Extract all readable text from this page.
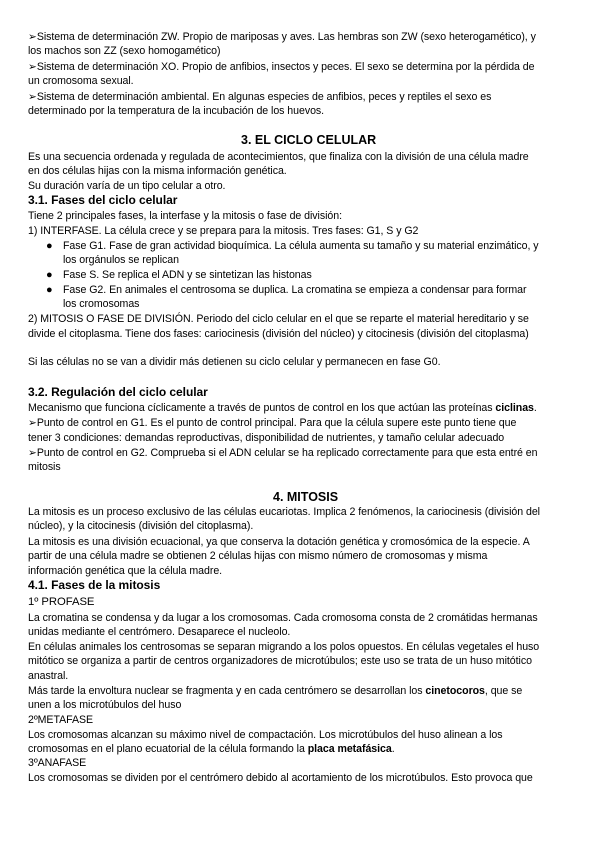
➢Sistema de determinación ZW. Propio de mariposas y aves. Las hembras son ZW (sexo heterogamético), y
los machos son ZZ (sexo homogamético)
➢Sistema de determinación XO. Propio de anfibios, insectos y peces. El sexo se determina por la pérdida de
un cromosoma sexual.
➢Sistema de determinación ambiental. En algunas especies de anfibios, peces y reptiles el sexo es
determinado por la temperatura de la incubación de los huevos.
3. EL CICLO CELULAR
Es una secuencia ordenada y regulada de acontecimientos, que finaliza con la división de una célula madre
en dos células hijas con la misma información genética.
Su duración varía de un tipo celular a otro.
3.1. Fases del ciclo celular
Tiene 2 principales fases, la interfase y la mitosis o fase de división:
1) INTERFASE. La célula crece y se prepara para la mitosis. Tres fases: G1, S y G2
● Fase G1. Fase de gran actividad bioquímica. La célula aumenta su tamaño y su material enzimático, y
los orgánulos se replican
● Fase S. Se replica el ADN y se sintetizan las histonas
● Fase G2. En animales el centrosoma se duplica. La cromatina se empieza a condensar para formar
los cromosomas
2) MITOSIS O FASE DE DIVISIÓN. Periodo del ciclo celular en el que se reparte el material hereditario y se
divide el citoplasma. Tiene dos fases: cariocinesis (división del núcleo) y citocinesis (división del citoplasma)
Si las células no se van a dividir más detienen su ciclo celular y permanecen en fase G0.
3.2. Regulación del ciclo celular
Mecanismo que funciona cíclicamente a través de puntos de control en los que actúan las proteínas ciclinas.
➢Punto de control en G1. Es el punto de control principal. Para que la célula supere este punto tiene que
tener 3 condiciones: demandas reproductivas, disponibilidad de nutrientes, y tamaño celular adecuado
➢Punto de control en G2. Comprueba si el ADN celular se ha replicado correctamente para que esta entré en
mitosis
4. MITOSIS
La mitosis es un proceso exclusivo de las células eucariotas. Implica 2 fenómenos, la cariocinesis (división del
núcleo), y la citocinesis (división del citoplasma).
La mitosis es una división ecuacional, ya que conserva la dotación genética y cromosómica de la especie. A
partir de una célula madre se obtienen 2 células hijas con mismo número de cromosomas y misma
información genética que la célula madre.
4.1. Fases de la mitosis
1º PROFASE
La cromatina se condensa y da lugar a los cromosomas. Cada cromosoma consta de 2 cromátidas hermanas
unidas mediante el centrómero. Desaparece el nucleolo.
En células animales los centrosomas se separan migrando a los polos opuestos. En células vegetales el huso
mitótico se organiza a partir de centros organizadores de microtúbulos; este uso se trata de un huso mitótico
anastral.
Más tarde la envoltura nuclear se fragmenta y en cada centrómero se desarrollan los cinetocoros, que se
unen a los microtúbulos del huso
2ºMETAFASE
Los cromosomas alcanzan su máximo nivel de compactación. Los microtúbulos del huso alinean a los
cromosomas en el plano ecuatorial de la célula formando la placa metafásica.
3ºANAFASE
Los cromosomas se dividen por el centrómero debido al acortamiento de los microtúbulos. Esto provoca que
